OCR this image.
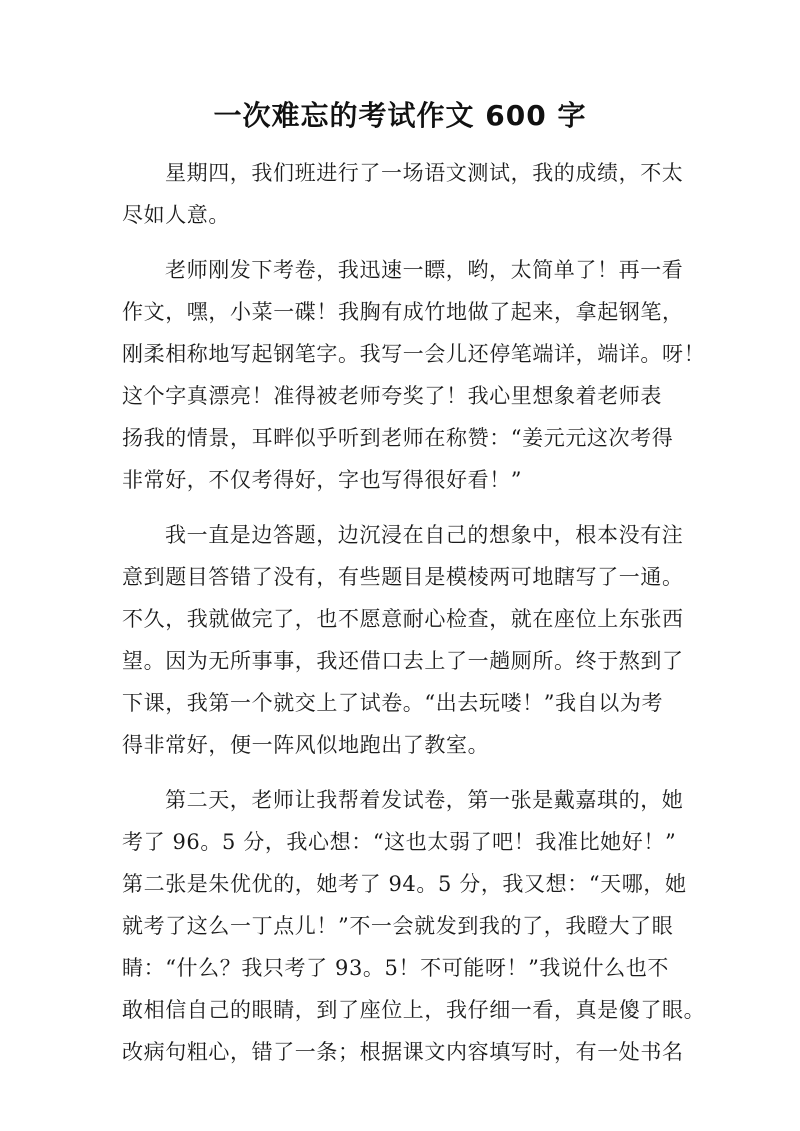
一次难忘的考试作文 600 字
星期四，我们班进行了一场语文测试，我的成绩，不太
尽如人意。
老师刚发下考卷，我迅速一瞟，哟，太简单了！再一看
作文，嘿，小菜一碟！我胸有成竹地做了起来，拿起钢笔，
刚柔相称地写起钢笔字。我写一会儿还停笔端详，端详。呀！
这个字真漂亮！准得被老师夸奖了！我心里想象着老师表
扬我的情景，耳畔似乎听到老师在称赞：“姜元元这次考得
非常好，不仅考得好，字也写得很好看！”
我一直是边答题，边沉浸在自己的想象中，根本没有注
意到题目答错了没有，有些题目是模棱两可地瞎写了一通。
不久，我就做完了，也不愿意耐心检查，就在座位上东张西
望。因为无所事事，我还借口去上了一趟厕所。终于熬到了
下课，我第一个就交上了试卷。“出去玩喽！”我自以为考
得非常好，便一阵风似地跑出了教室。
第二天，老师让我帮着发试卷，第一张是戴嘉琪的，她
考了 96。5 分，我心想：“这也太弱了吧！我准比她好！”
第二张是朱优优的，她考了 94。5 分，我又想：“天哪，她
就考了这么一丁点儿！”不一会就发到我的了，我瞪大了眼
睛：“什么？我只考了 93。5！不可能呀！”我说什么也不
敢相信自己的眼睛，到了座位上，我仔细一看，真是傻了眼。
改病句粗心，错了一条；根据课文内容填写时，有一处书名
